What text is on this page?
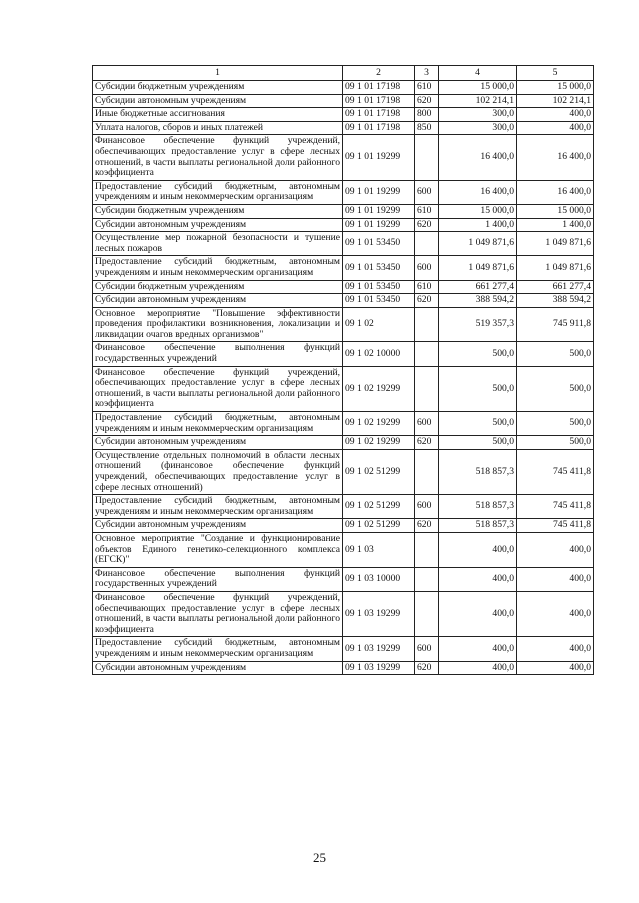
1	2	3	4	5
Субсидии бюджетным учреждениям	09 1 01 17198	610	15 000,0	15 000,0
Субсидии автономным учреждениям	09 1 01 17198	620	102 214,1	102 214,1
Иные бюджетные ассигнования	09 1 01 17198	800	300,0	400,0
Уплата налогов, сборов и иных платежей	09 1 01 17198	850	300,0	400,0
Финансовое обеспечение функций учреждений, обеспечивающих предоставление услуг в сфере лесных отношений, в части выплаты региональной доли районного коэффициента	09 1 01 19299		16 400,0	16 400,0
Предоставление субсидий бюджетным, автономным учреждениям и иным некоммерческим организациям	09 1 01 19299	600	16 400,0	16 400,0
Субсидии бюджетным учреждениям	09 1 01 19299	610	15 000,0	15 000,0
Субсидии автономным учреждениям	09 1 01 19299	620	1 400,0	1 400,0
Осуществление мер пожарной безопасности и тушение лесных пожаров	09 1 01 53450		1 049 871,6	1 049 871,6
Предоставление субсидий бюджетным, автономным учреждениям и иным некоммерческим организациям	09 1 01 53450	600	1 049 871,6	1 049 871,6
Субсидии бюджетным учреждениям	09 1 01 53450	610	661 277,4	661 277,4
Субсидии автономным учреждениям	09 1 01 53450	620	388 594,2	388 594,2
Основное мероприятие "Повышение эффективности проведения профилактики возникновения, локализации и ликвидации очагов вредных организмов"	09 1 02		519 357,3	745 911,8
Финансовое обеспечение выполнения функций государственных учреждений	09 1 02 10000		500,0	500,0
Финансовое обеспечение функций учреждений, обеспечивающих предоставление услуг в сфере лесных отношений, в части выплаты региональной доли районного коэффициента	09 1 02 19299		500,0	500,0
Предоставление субсидий бюджетным, автономным учреждениям и иным некоммерческим организациям	09 1 02 19299	600	500,0	500,0
Субсидии автономным учреждениям	09 1 02 19299	620	500,0	500,0
Осуществление отдельных полномочий в области лесных отношений (финансовое обеспечение функций учреждений, обеспечивающих предоставление услуг в сфере лесных отношений)	09 1 02 51299		518 857,3	745 411,8
Предоставление субсидий бюджетным, автономным учреждениям и иным некоммерческим организациям	09 1 02 51299	600	518 857,3	745 411,8
Субсидии автономным учреждениям	09 1 02 51299	620	518 857,3	745 411,8
Основное мероприятие "Создание и функционирование объектов Единого генетико-селекционного комплекса (ЕГСК)"	09 1 03		400,0	400,0
Финансовое обеспечение выполнения функций государственных учреждений	09 1 03 10000		400,0	400,0
Финансовое обеспечение функций учреждений, обеспечивающих предоставление услуг в сфере лесных отношений, в части выплаты региональной доли районного коэффициента	09 1 03 19299		400,0	400,0
Предоставление субсидий бюджетным, автономным учреждениям и иным некоммерческим организациям	09 1 03 19299	600	400,0	400,0
Субсидии автономным учреждениям	09 1 03 19299	620	400,0	400,0
25
